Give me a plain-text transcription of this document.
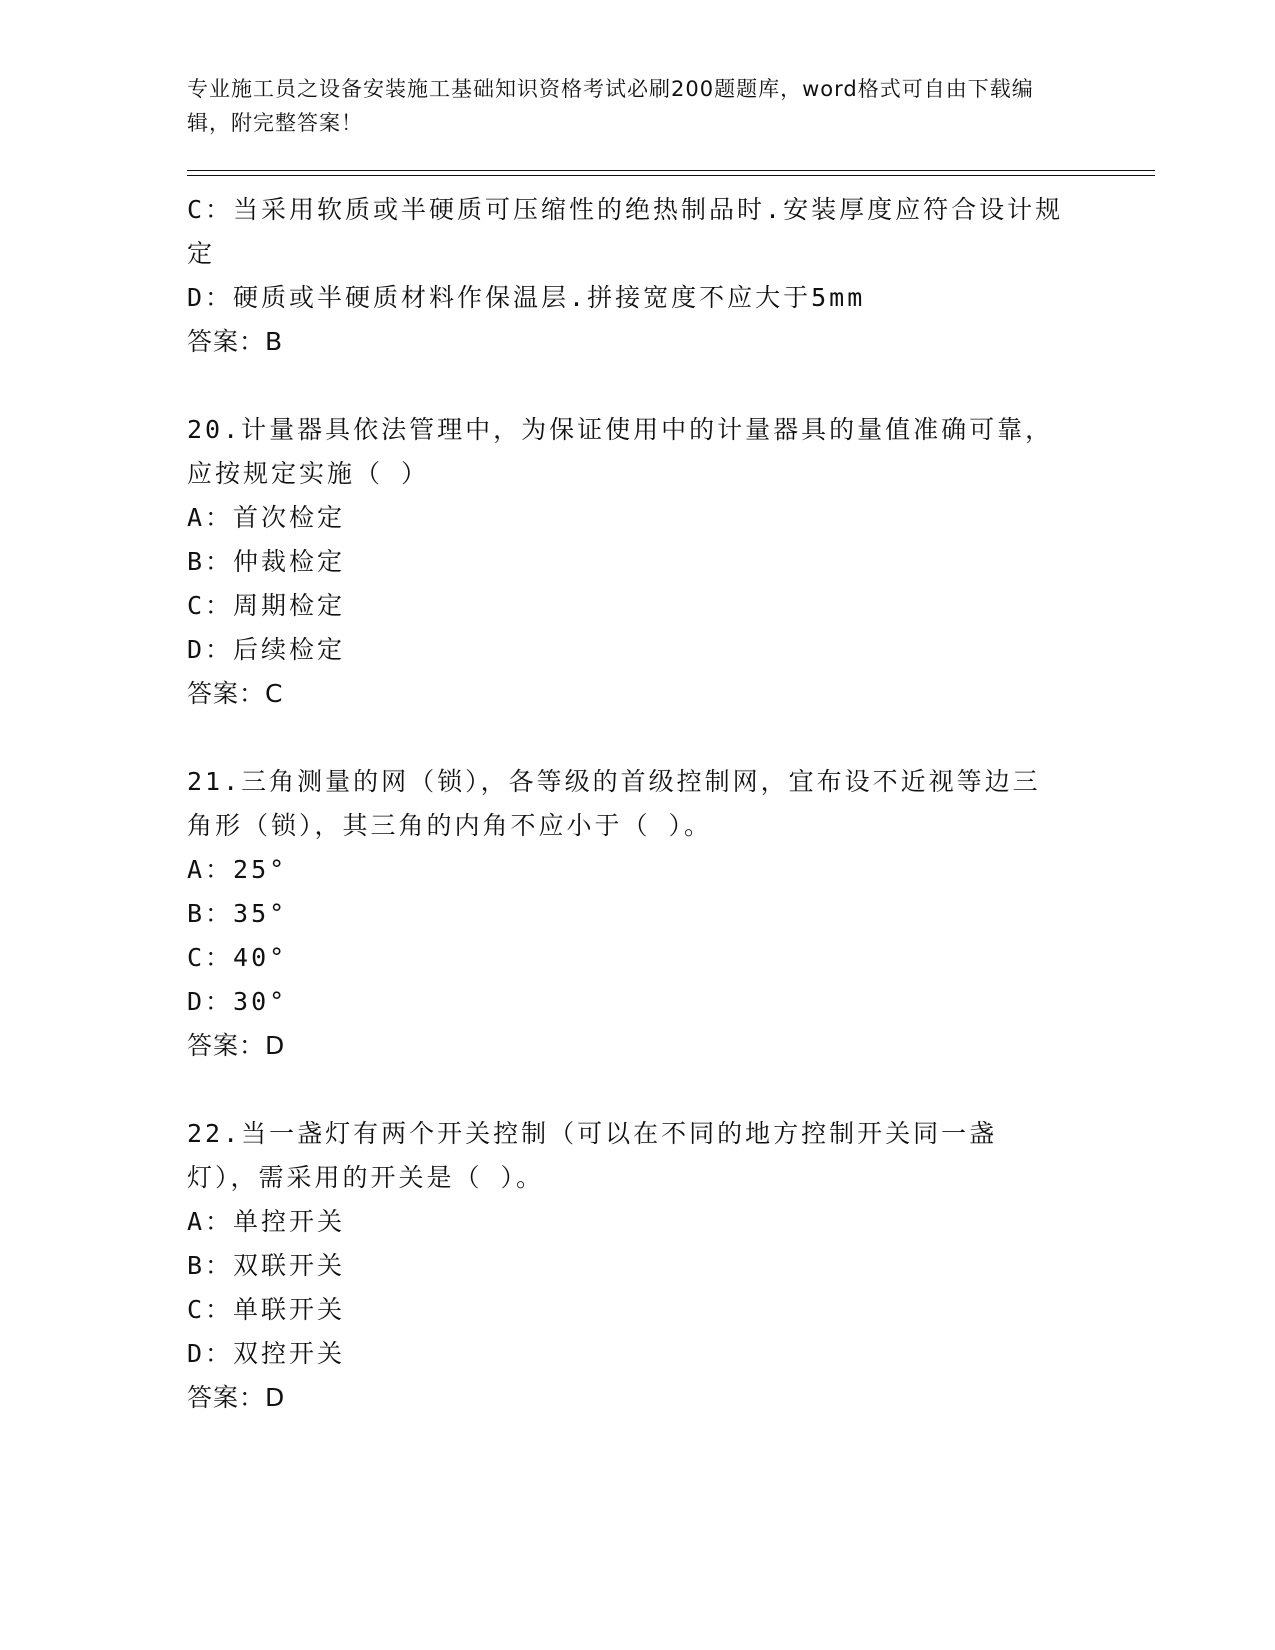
专业施工员之设备安装施工基础知识资格考试必刷200题题库，word格式可自由下载编辑，附完整答案！
C：当采用软质或半硬质可压缩性的绝热制品时.安装厚度应符合设计规定
D：硬质或半硬质材料作保温层.拼接宽度不应大于5mm
答案：B
20.计量器具依法管理中，为保证使用中的计量器具的量值准确可靠，应按规定实施（ ）
A：首次检定
B：仲裁检定
C：周期检定
D：后续检定
答案：C
21.三角测量的网（锁），各等级的首级控制网，宜布设不近视等边三角形（锁），其三角的内角不应小于（ ）。
A：25°
B：35°
C：40°
D：30°
答案：D
22.当一盏灯有两个开关控制（可以在不同的地方控制开关同一盏灯），需采用的开关是（ ）。
A：单控开关
B：双联开关
C：单联开关
D：双控开关
答案：D
